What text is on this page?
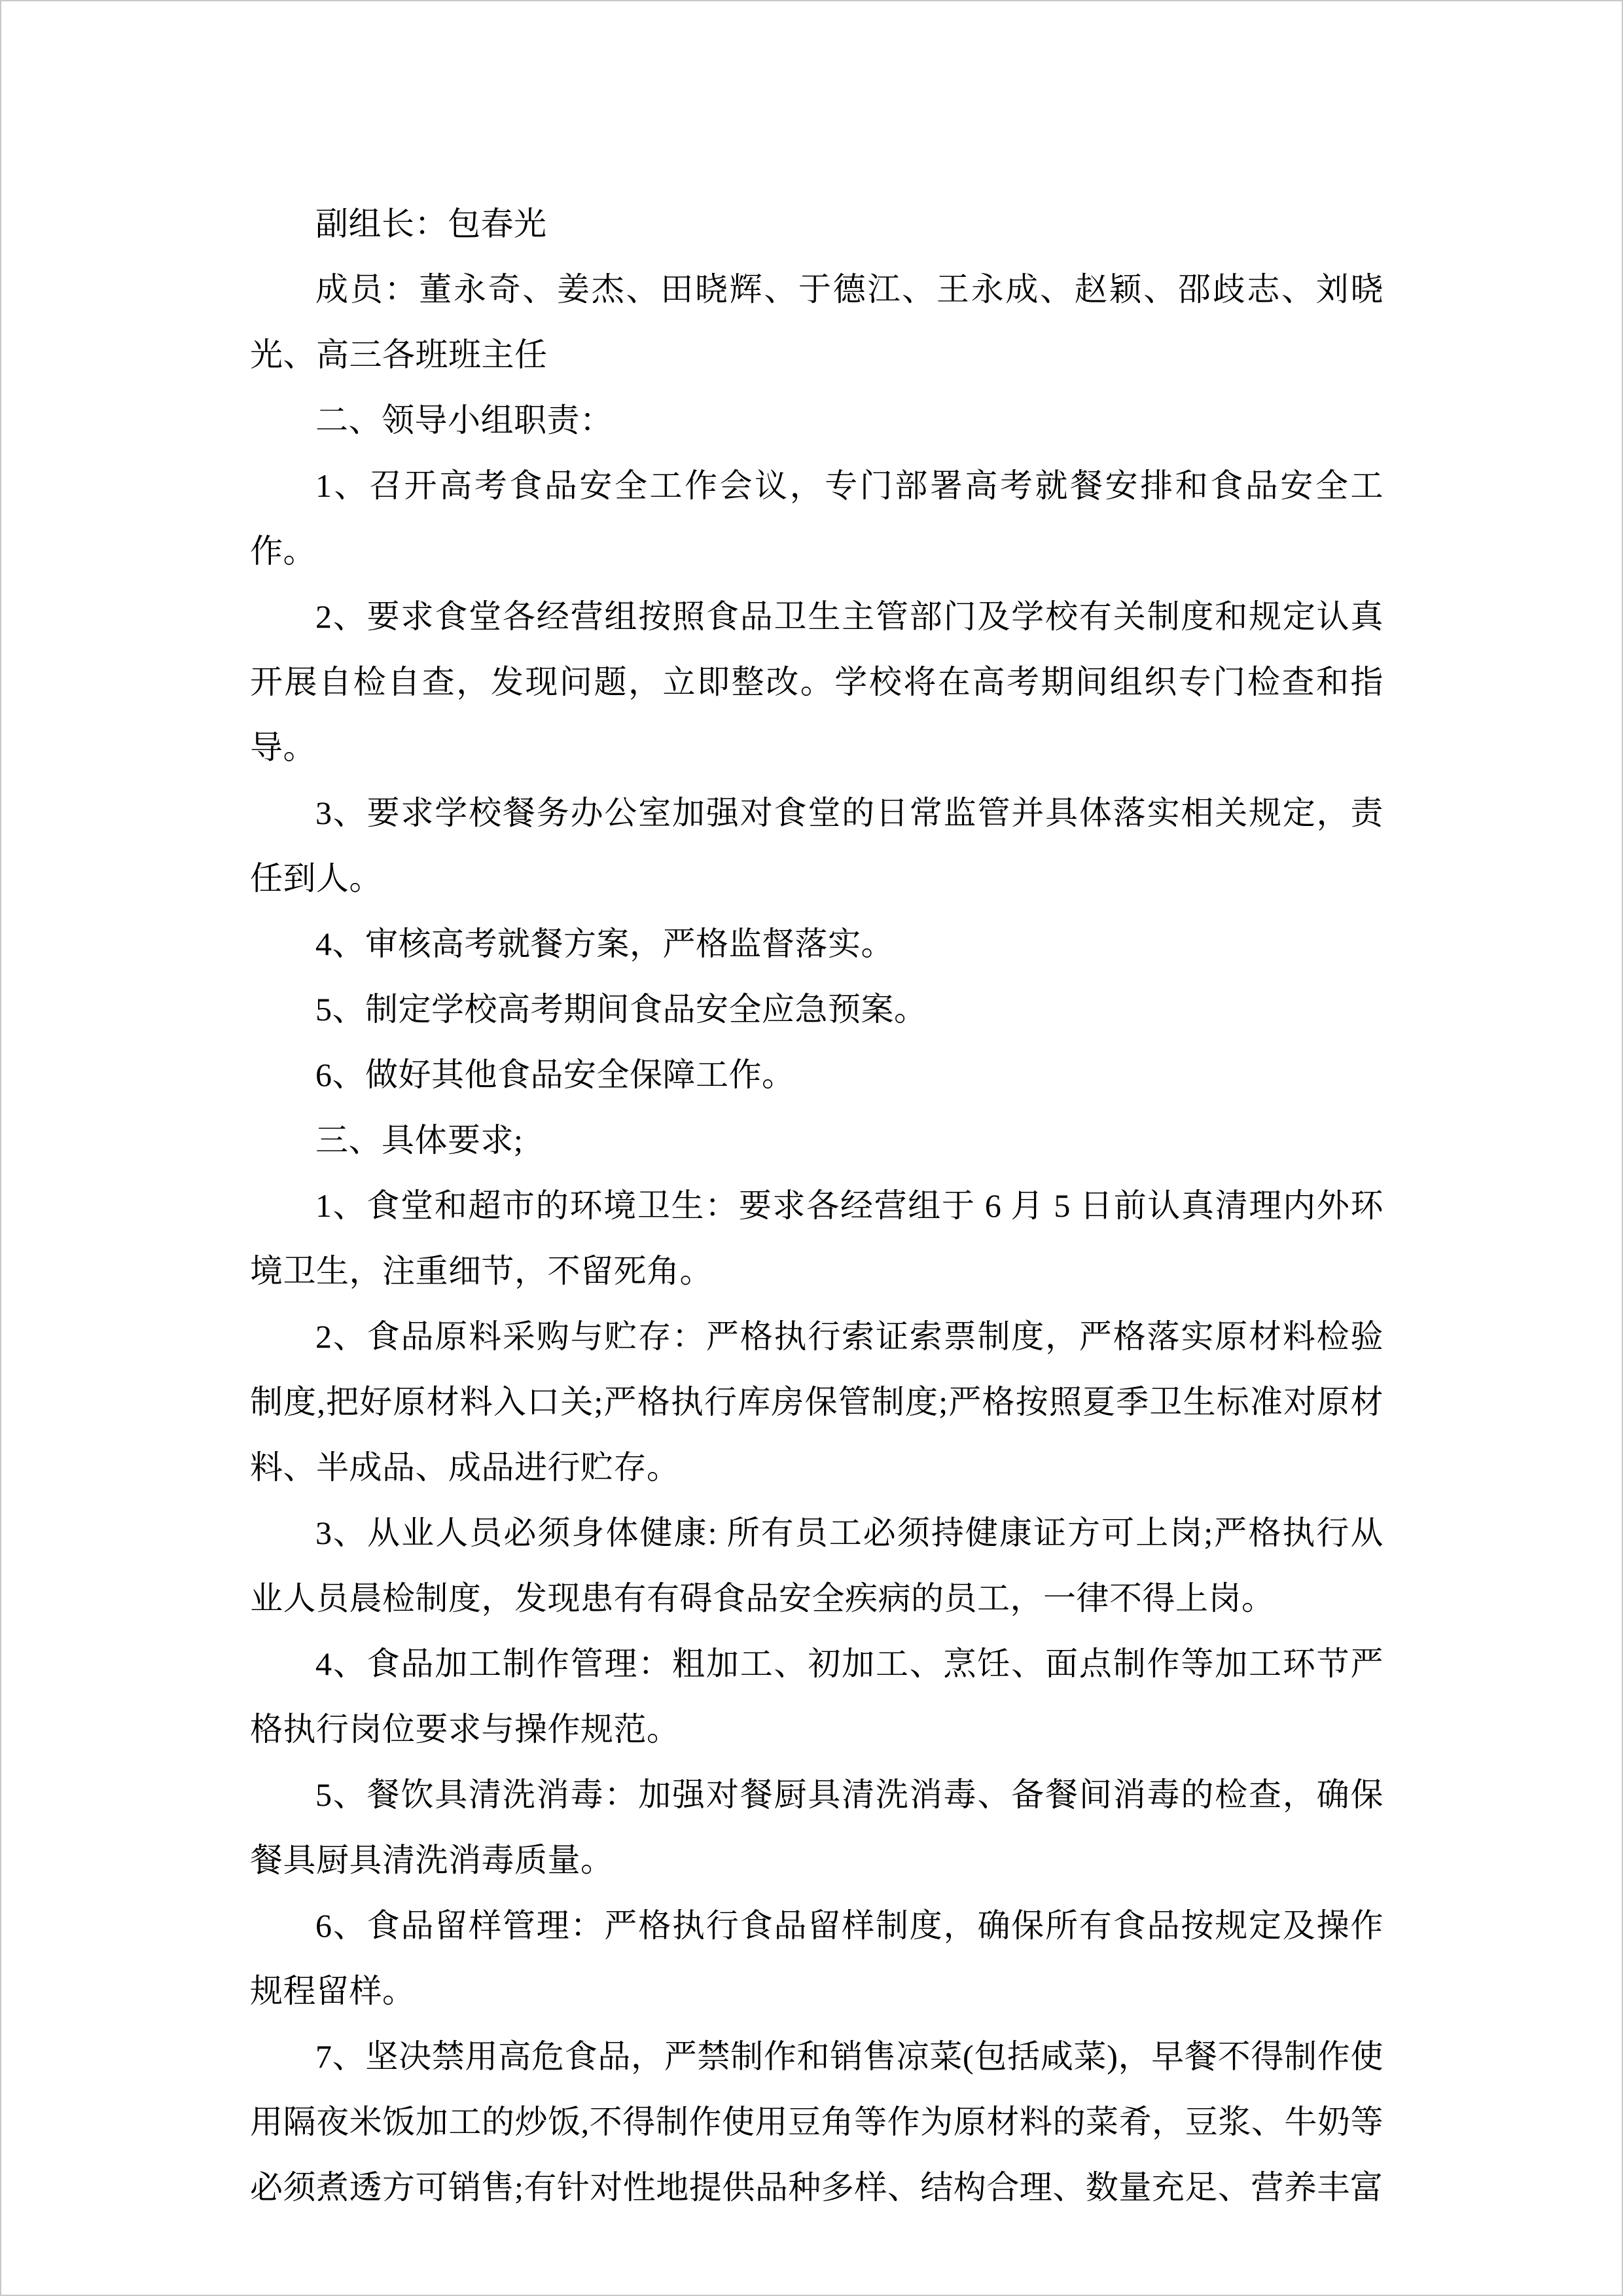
副组长：包春光

成员：董永奇、姜杰、田晓辉、于德江、王永成、赵颖、邵歧志、刘晓光、高三各班班主任

二、领导小组职责：

1、召开高考食品安全工作会议，专门部署高考就餐安排和食品安全工作。

2、要求食堂各经营组按照食品卫生主管部门及学校有关制度和规定认真开展自检自查，发现问题，立即整改。学校将在高考期间组织专门检查和指导。

3、要求学校餐务办公室加强对食堂的日常监管并具体落实相关规定，责任到人。

4、审核高考就餐方案，严格监督落实。

5、制定学校高考期间食品安全应急预案。

6、做好其他食品安全保障工作。

三、具体要求;

1、食堂和超市的环境卫生：要求各经营组于 6 月 5 日前认真清理内外环境卫生，注重细节，不留死角。

2、食品原料采购与贮存：严格执行索证索票制度，严格落实原材料检验制度,把好原材料入口关;严格执行库房保管制度;严格按照夏季卫生标准对原材料、半成品、成品进行贮存。

3、从业人员必须身体健康: 所有员工必须持健康证方可上岗;严格执行从业人员晨检制度，发现患有有碍食品安全疾病的员工，一律不得上岗。

4、食品加工制作管理：粗加工、初加工、烹饪、面点制作等加工环节严格执行岗位要求与操作规范。

5、餐饮具清洗消毒：加强对餐厨具清洗消毒、备餐间消毒的检查，确保餐具厨具清洗消毒质量。

6、食品留样管理：严格执行食品留样制度，确保所有食品按规定及操作规程留样。

7、坚决禁用高危食品，严禁制作和销售凉菜(包括咸菜)，早餐不得制作使用隔夜米饭加工的炒饭,不得制作使用豆角等作为原材料的菜肴，豆浆、牛奶等必须煮透方可销售;有针对性地提供品种多样、结构合理、数量充足、营养丰富
